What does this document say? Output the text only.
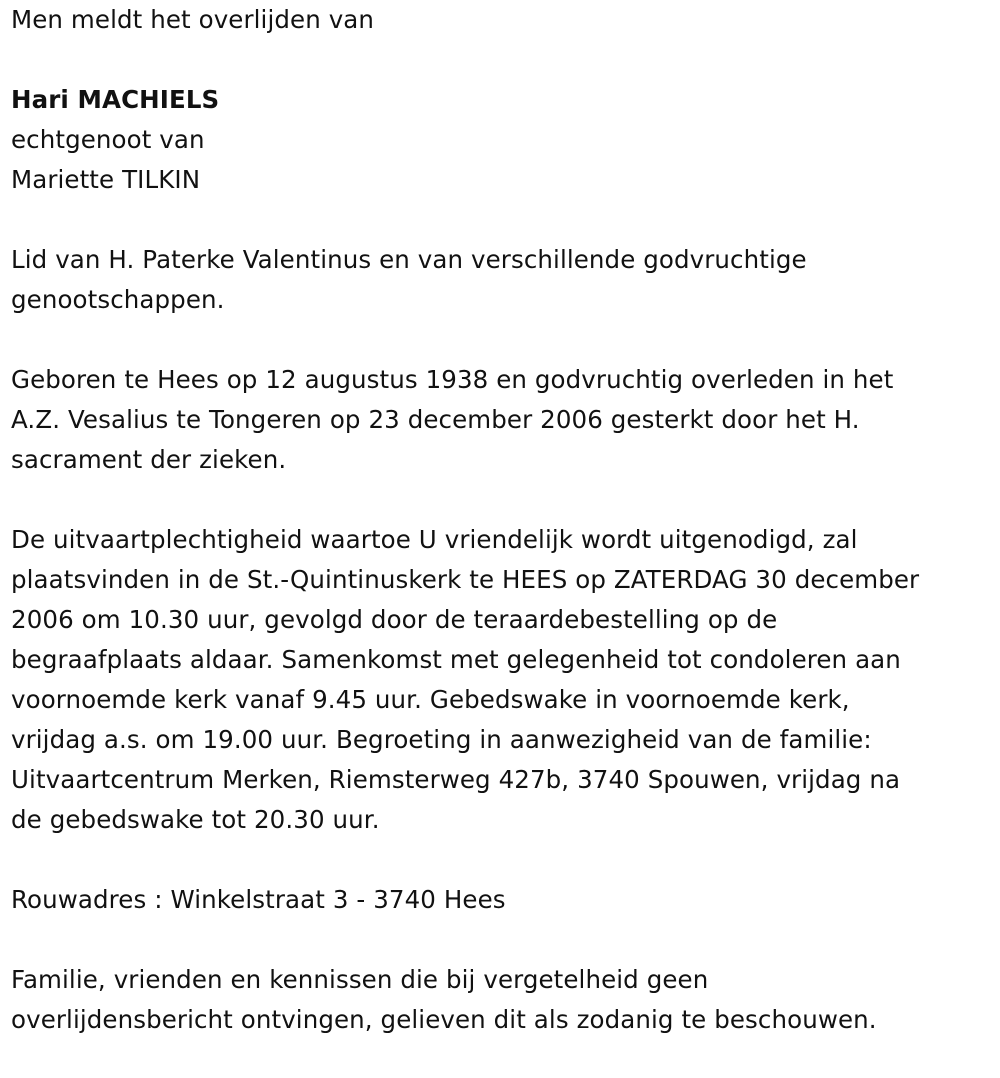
Men meldt het overlijden van

Hari MACHIELS
echtgenoot van
Mariette TILKIN

Lid van H. Paterke Valentinus en van verschillende godvruchtige
genootschappen.

Geboren te Hees op 12 augustus 1938 en godvruchtig overleden in het
A.Z. Vesalius te Tongeren op 23 december 2006 gesterkt door het H.
sacrament der zieken.

De uitvaartplechtigheid waartoe U vriendelijk wordt uitgenodigd, zal
plaatsvinden in de St.-Quintinuskerk te HEES op ZATERDAG 30 december
2006 om 10.30 uur, gevolgd door de teraardebestelling op de
begraafplaats aldaar. Samenkomst met gelegenheid tot condoleren aan
voornoemde kerk vanaf 9.45 uur. Gebedswake in voornoemde kerk,
vrijdag a.s. om 19.00 uur. Begroeting in aanwezigheid van de familie:
Uitvaartcentrum Merken, Riemsterweg 427b, 3740 Spouwen, vrijdag na
de gebedswake tot 20.30 uur.

Rouwadres : Winkelstraat 3 - 3740 Hees

Familie, vrienden en kennissen die bij vergetelheid geen
overlijdensbericht ontvingen, gelieven dit als zodanig te beschouwen.
